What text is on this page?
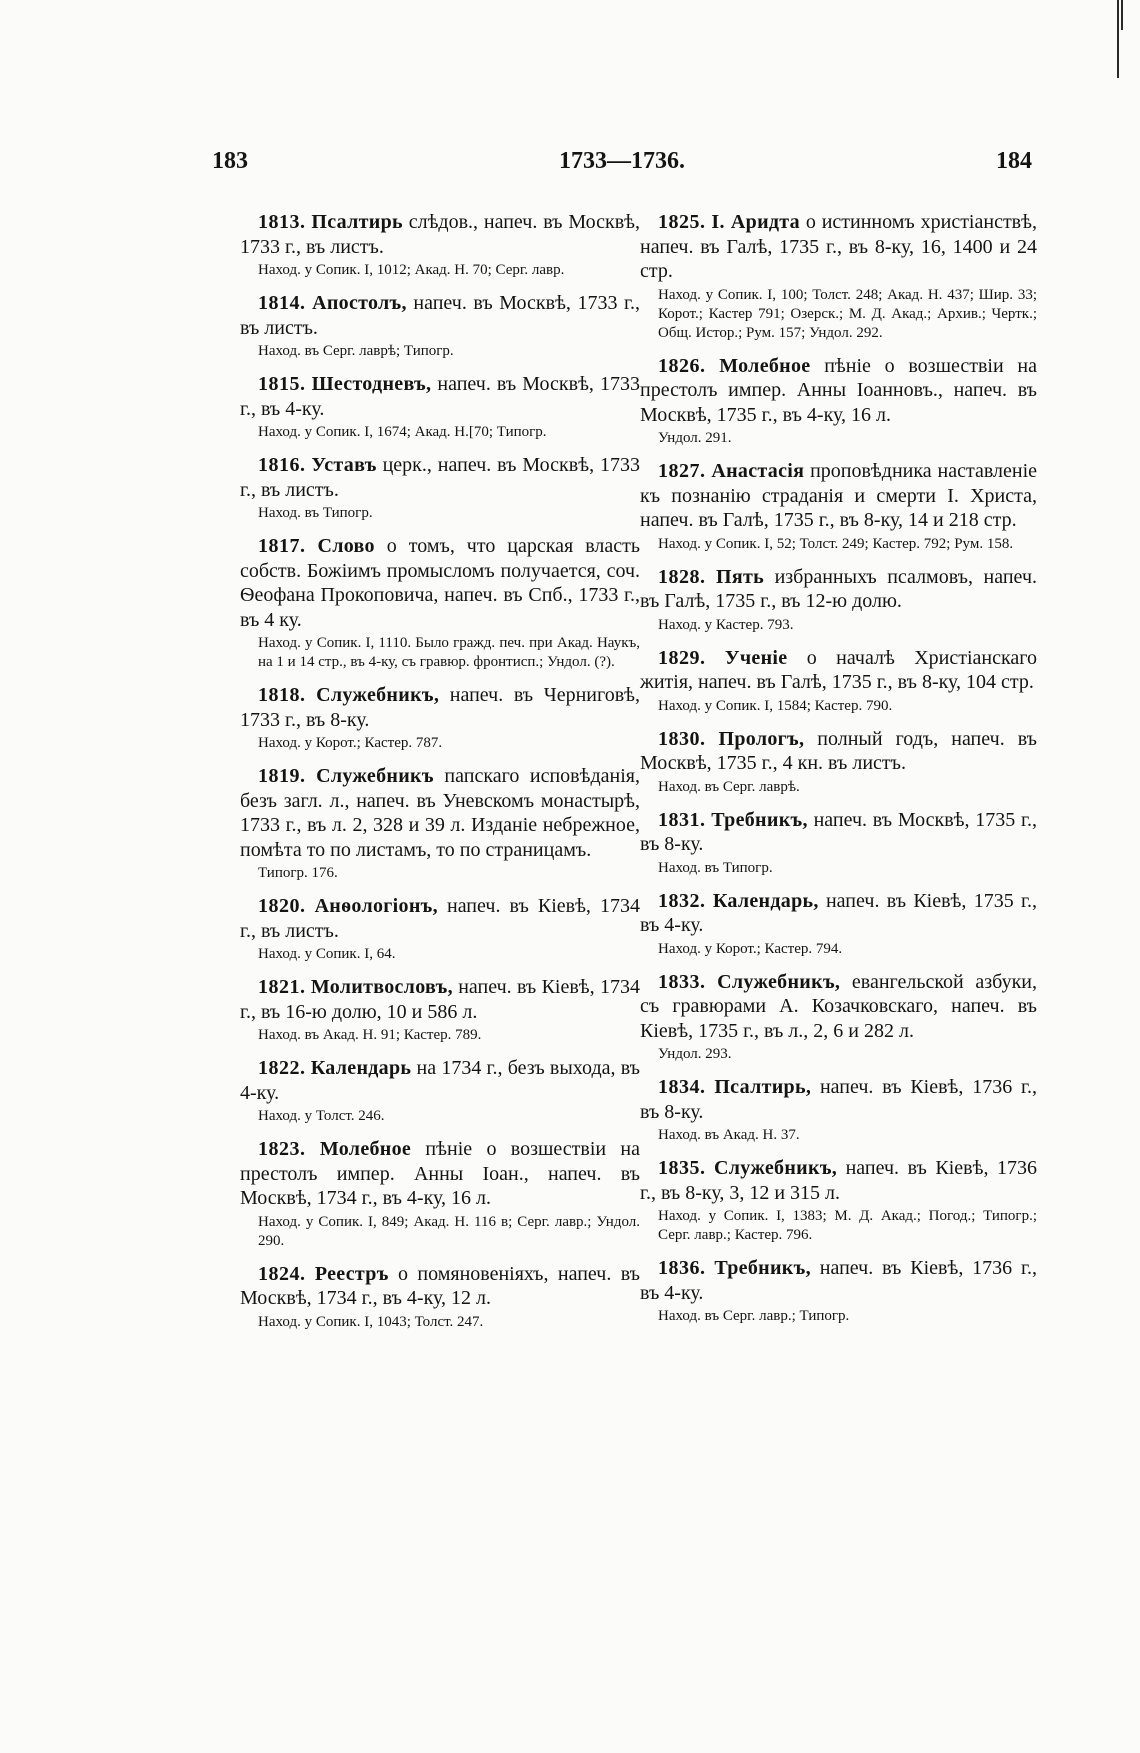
183	1733—1736.	184
1813. Псалтирь слѣдов., напеч. въ Москвѣ, 1733 г., въ листъ.
Наход. у Сопик. I, 1012; Акад. Н. 70; Серг. лавр.
1814. Апостолъ, напеч. въ Москвѣ, 1733 г., въ листъ.
Наход. въ Серг. лаврѣ; Типогр.
1815. Шестодневъ, напеч. въ Москвѣ, 1733 г., въ 4-ку.
Наход. у Сопик. I, 1674; Акад. Н.[70; Типогр.
1816. Уставъ церк., напеч. въ Москвѣ, 1733 г., въ листъ.
Наход. въ Типогр.
1817. Слово о томъ, что царская власть собств. Божіимъ промысломъ получается, соч. Ѳеофана Прокоповича, напеч. въ Спб., 1733 г., въ 4 ку.
Наход. у Сопик. I, 1110. Было гражд. печ. при Акад. Наукъ, на 1 и 14 стр., въ 4-ку, съ гравюр. фронтисп.; Ундол. (?).
1818. Служебникъ, напеч. въ Черниговѣ, 1733 г., въ 8-ку.
Наход. у Корот.; Кастер. 787.
1819. Служебникъ папскаго исповѣданія, безъ загл. л., напеч. въ Уневскомъ монастырѣ, 1733 г., въ л. 2, 328 и 39 л. Изданіе небрежное, помѣта то по листамъ, то по страницамъ.
Типогр. 176.
1820. Анѳологіонъ, напеч. въ Кіевѣ, 1734 г., въ листъ.
Наход. у Сопик. I, 64.
1821. Молитвословъ, напеч. въ Кіевѣ, 1734 г., въ 16-ю долю, 10 и 586 л.
Наход. въ Акад. Н. 91; Кастер. 789.
1822. Календарь на 1734 г., безъ выхода, въ 4-ку.
Наход. у Толст. 246.
1823. Молебное пѣніе о возшествіи на престолъ импер. Анны Іоан., напеч. въ Москвѣ, 1734 г., въ 4-ку, 16 л.
Наход. у Сопик. I, 849; Акад. Н. 116 в; Серг. лавр.; Ундол. 290.
1824. Реестръ о помяновеніяхъ, напеч. въ Москвѣ, 1734 г., въ 4-ку, 12 л.
Наход. у Сопик. I, 1043; Толст. 247.
1825. I. Аридта о истинномъ христіанствѣ, напеч. въ Галѣ, 1735 г., въ 8-ку, 16, 1400 и 24 стр.
Наход. у Сопик. I, 100; Толст. 248; Акад. Н. 437; Шир. 33; Корот.; Кастер 791; Озерск.; М. Д. Акад.; Архив.; Чертк.; Общ. Истор.; Рум. 157; Ундол. 292.
1826. Молебное пѣніе о возшествіи на престолъ импер. Анны Іоанновъ., напеч. въ Москвѣ, 1735 г., въ 4-ку, 16 л.
Ундол. 291.
1827. Анастасія проповѣдника наставленіе къ познанію страданія и смерти I. Христа, напеч. въ Галѣ, 1735 г., въ 8-ку, 14 и 218 стр.
Наход. у Сопик. I, 52; Толст. 249; Кастер. 792; Рум. 158.
1828. Пять избранныхъ псалмовъ, напеч. въ Галѣ, 1735 г., въ 12-ю долю.
Наход. у Кастер. 793.
1829. Ученіе о началѣ Христіанскаго житія, напеч. въ Галѣ, 1735 г., въ 8-ку, 104 стр.
Наход. у Сопик. I, 1584; Кастер. 790.
1830. Прологъ, полный годъ, напеч. въ Москвѣ, 1735 г., 4 кн. въ листъ.
Наход. въ Серг. лаврѣ.
1831. Требникъ, напеч. въ Москвѣ, 1735 г., въ 8-ку.
Наход. въ Типогр.
1832. Календарь, напеч. въ Кіевѣ, 1735 г., въ 4-ку.
Наход. у Корот.; Кастер. 794.
1833. Служебникъ, евангельской азбуки, съ гравюрами А. Козачковскаго, напеч. въ Кіевѣ, 1735 г., въ л., 2, 6 и 282 л.
Ундол. 293.
1834. Псалтирь, напеч. въ Кіевѣ, 1736 г., въ 8-ку.
Наход. въ Акад. Н. 37.
1835. Служебникъ, напеч. въ Кіевѣ, 1736 г., въ 8-ку, 3, 12 и 315 л.
Наход. у Сопик. I, 1383; М. Д. Акад.; Погод.; Типогр.; Серг. лавр.; Кастер. 796.
1836. Требникъ, напеч. въ Кіевѣ, 1736 г., въ 4-ку.
Наход. въ Серг. лавр.; Типогр.
